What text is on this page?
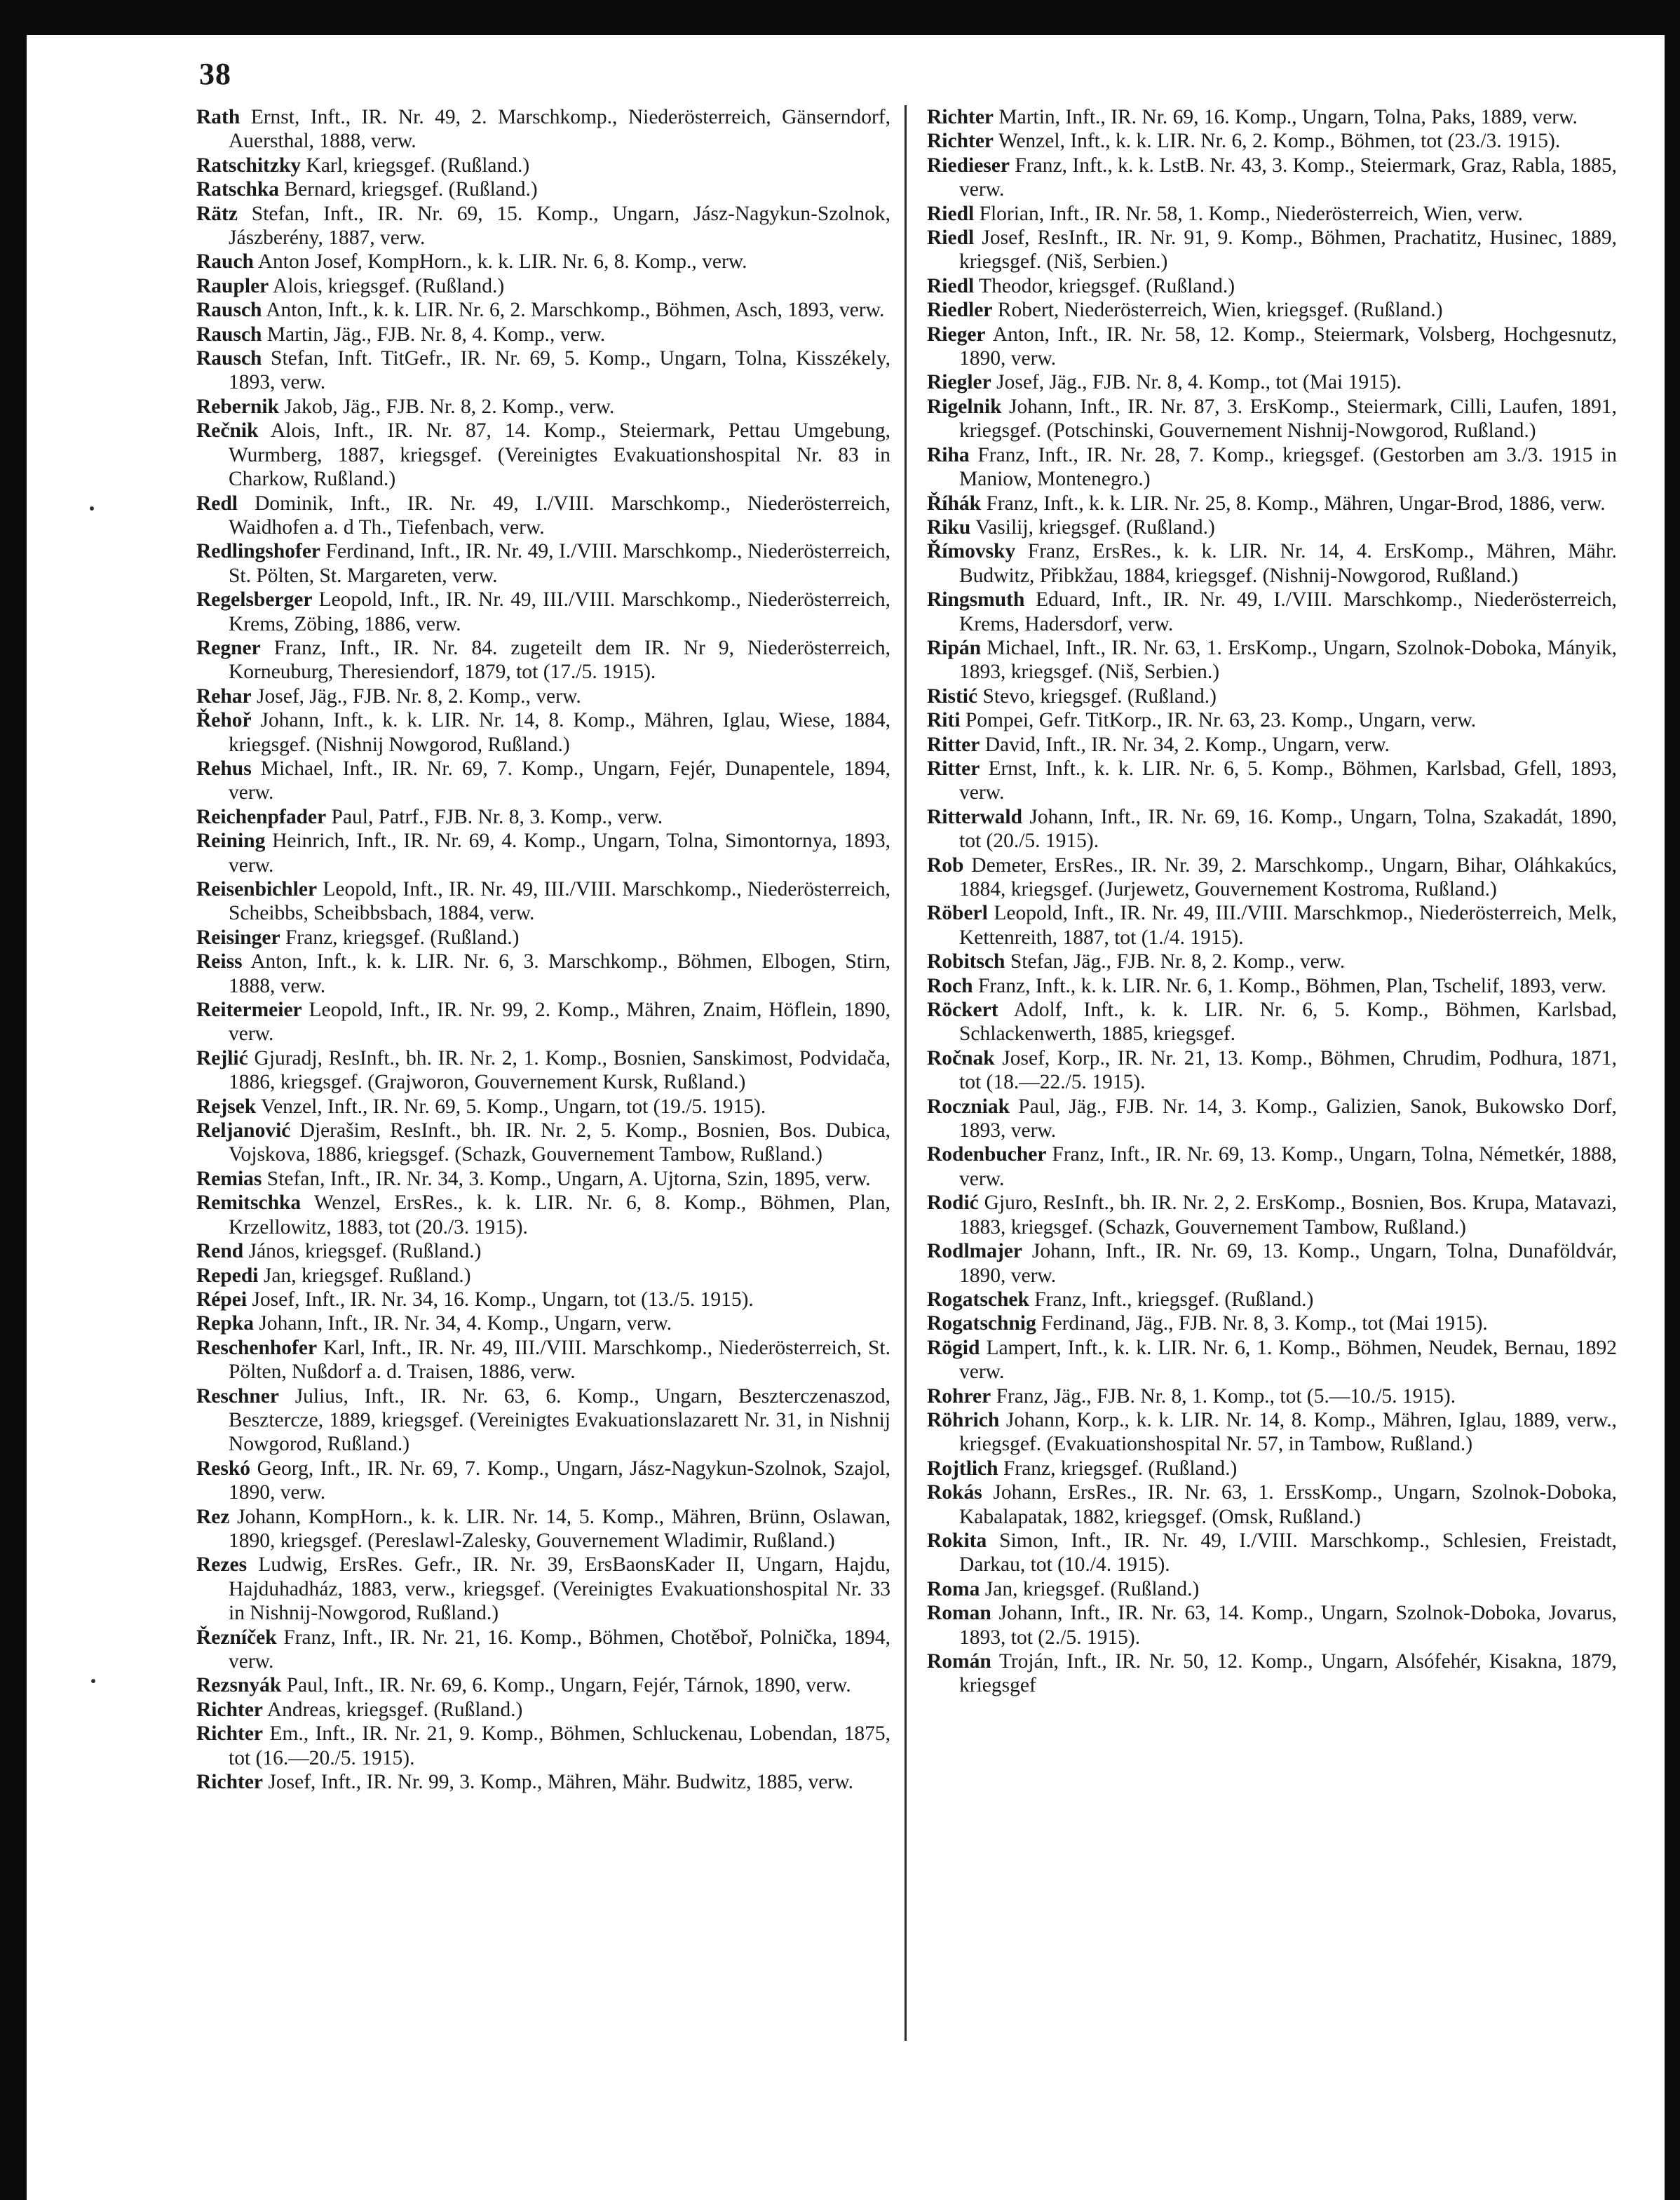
38

Rath Ernst, Inft., IR. Nr. 49, 2. Marschkomp., Niederösterreich, Gänserndorf, Auersthal, 1888, verw.

Ratschitzky Karl, kriegsgef. (Rußland.)

Ratschka Bernard, kriegsgef. (Rußland.)

Rätz Stefan, Inft., IR. Nr. 69, 15. Komp., Ungarn, Jász-Nagykun-Szolnok, Jászberény, 1887, verw.

Rauch Anton Josef, KompHorn., k. k. LIR. Nr. 6, 8. Komp., verw.

Raupler Alois, kriegsgef. (Rußland.)

Rausch Anton, Inft., k. k. LIR. Nr. 6, 2. Marschkomp., Böhmen, Asch, 1893, verw.

Rausch Martin, Jäg., FJB. Nr. 8, 4. Komp., verw.

Rausch Stefan, Inft. TitGefr., IR. Nr. 69, 5. Komp., Ungarn, Tolna, Kisszékely, 1893, verw.

Rebernik Jakob, Jäg., FJB. Nr. 8, 2. Komp., verw.

Rečnik Alois, Inft., IR. Nr. 87, 14. Komp., Steiermark, Pettau Umgebung, Wurmberg, 1887, kriegsgef. (Vereinigtes Evakuationshospital Nr. 83 in Charkow, Rußland.)

Redl Dominik, Inft., IR. Nr. 49, I./VIII. Marschkomp., Niederösterreich, Waidhofen a. d Th., Tiefenbach, verw.

Redlingshofer Ferdinand, Inft., IR. Nr. 49, I./VIII. Marschkomp., Niederösterreich, St. Pölten, St. Margareten, verw.

Regelsberger Leopold, Inft., IR. Nr. 49, III./VIII. Marschkomp., Niederösterreich, Krems, Zöbing, 1886, verw.

Regner Franz, Inft., IR. Nr. 84. zugeteilt dem IR. Nr 9, Niederösterreich, Korneuburg, Theresiendorf, 1879, tot (17./5. 1915).

Rehar Josef, Jäg., FJB. Nr. 8, 2. Komp., verw.

Řehoř Johann, Inft., k. k. LIR. Nr. 14, 8. Komp., Mähren, Iglau, Wiese, 1884, kriegsgef. (Nishnij Nowgorod, Rußland.)

Rehus Michael, Inft., IR. Nr. 69, 7. Komp., Ungarn, Fejér, Dunapentele, 1894, verw.

Reichenpfader Paul, Patrf., FJB. Nr. 8, 3. Komp., verw.

Reining Heinrich, Inft., IR. Nr. 69, 4. Komp., Ungarn, Tolna, Simontornya, 1893, verw.

Reisenbichler Leopold, Inft., IR. Nr. 49, III./VIII. Marschkomp., Niederösterreich, Scheibbs, Scheibbsbach, 1884, verw.

Reisinger Franz, kriegsgef. (Rußland.)

Reiss Anton, Inft., k. k. LIR. Nr. 6, 3. Marschkomp., Böhmen, Elbogen, Stirn, 1888, verw.

Reitermeier Leopold, Inft., IR. Nr. 99, 2. Komp., Mähren, Znaim, Höflein, 1890, verw.

Rejlić Gjuradj, ResInft., bh. IR. Nr. 2, 1. Komp., Bosnien, Sanskimost, Podvidača, 1886, kriegsgef. (Grajworon, Gouvernement Kursk, Rußland.)

Rejsek Venzel, Inft., IR. Nr. 69, 5. Komp., Ungarn, tot (19./5. 1915).

Reljanović Djerašim, ResInft., bh. IR. Nr. 2, 5. Komp., Bosnien, Bos. Dubica, Vojskova, 1886, kriegsgef. (Schazk, Gouvernement Tambow, Rußland.)

Remias Stefan, Inft., IR. Nr. 34, 3. Komp., Ungarn, A. Ujtorna, Szin, 1895, verw.

Remitschka Wenzel, ErsRes., k. k. LIR. Nr. 6, 8. Komp., Böhmen, Plan, Krzellowitz, 1883, tot (20./3. 1915).

Rend János, kriegsgef. (Rußland.)

Repedi Jan, kriegsgef. Rußland.)

Répei Josef, Inft., IR. Nr. 34, 16. Komp., Ungarn, tot (13./5. 1915).

Repka Johann, Inft., IR. Nr. 34, 4. Komp., Ungarn, verw.

Reschenhofer Karl, Inft., IR. Nr. 49, III./VIII. Marschkomp., Niederösterreich, St. Pölten, Nußdorf a. d. Traisen, 1886, verw.

Reschner Julius, Inft., IR. Nr. 63, 6. Komp., Ungarn, Beszterczenaszod, Besztercze, 1889, kriegsgef. (Vereinigtes Evakuationslazarett Nr. 31, in Nishnij Nowgorod, Rußland.)

Reskó Georg, Inft., IR. Nr. 69, 7. Komp., Ungarn, Jász-Nagykun-Szolnok, Szajol, 1890, verw.

Rez Johann, KompHorn., k. k. LIR. Nr. 14, 5. Komp., Mähren, Brünn, Oslawan, 1890, kriegsgef. (Pereslawl-Zalesky, Gouvernement Wladimir, Rußland.)

Rezes Ludwig, ErsRes. Gefr., IR. Nr. 39, ErsBaonsKader II, Ungarn, Hajdu, Hajduhadház, 1883, verw., kriegsgef. (Vereinigtes Evakuationshospital Nr. 33 in Nishnij-Nowgorod, Rußland.)

Řezníček Franz, Inft., IR. Nr. 21, 16. Komp., Böhmen, Chotěboř, Polnička, 1894, verw.

Rezsnyák Paul, Inft., IR. Nr. 69, 6. Komp., Ungarn, Fejér, Tárnok, 1890, verw.

Richter Andreas, kriegsgef. (Rußland.)

Richter Em., Inft., IR. Nr. 21, 9. Komp., Böhmen, Schluckenau, Lobendan, 1875, tot (16.—20./5. 1915).

Richter Josef, Inft., IR. Nr. 99, 3. Komp., Mähren, Mähr. Budwitz, 1885, verw.

Richter Martin, Inft., IR. Nr. 69, 16. Komp., Ungarn, Tolna, Paks, 1889, verw.

Richter Wenzel, Inft., k. k. LIR. Nr. 6, 2. Komp., Böhmen, tot (23./3. 1915).

Riedieser Franz, Inft., k. k. LstB. Nr. 43, 3. Komp., Steiermark, Graz, Rabla, 1885, verw.

Riedl Florian, Inft., IR. Nr. 58, 1. Komp., Niederösterreich, Wien, verw.

Riedl Josef, ResInft., IR. Nr. 91, 9. Komp., Böhmen, Prachatitz, Husinec, 1889, kriegsgef. (Niš, Serbien.)

Riedl Theodor, kriegsgef. (Rußland.)

Riedler Robert, Niederösterreich, Wien, kriegsgef. (Rußland.)

Rieger Anton, Inft., IR. Nr. 58, 12. Komp., Steiermark, Volsberg, Hochgesnutz, 1890, verw.

Riegler Josef, Jäg., FJB. Nr. 8, 4. Komp., tot (Mai 1915).

Rigelnik Johann, Inft., IR. Nr. 87, 3. ErsKomp., Steiermark, Cilli, Laufen, 1891, kriegsgef. (Potschinski, Gouvernement Nishnij-Nowgorod, Rußland.)

Riha Franz, Inft., IR. Nr. 28, 7. Komp., kriegsgef. (Gestorben am 3./3. 1915 in Maniow, Montenegro.)

Říhák Franz, Inft., k. k. LIR. Nr. 25, 8. Komp., Mähren, Ungar-Brod, 1886, verw.

Riku Vasilij, kriegsgef. (Rußland.)

Římovsky Franz, ErsRes., k. k. LIR. Nr. 14, 4. ErsKomp., Mähren, Mähr. Budwitz, Přibkžau, 1884, kriegsgef. (Nishnij-Nowgorod, Rußland.)

Ringsmuth Eduard, Inft., IR. Nr. 49, I./VIII. Marschkomp., Niederösterreich, Krems, Hadersdorf, verw.

Ripán Michael, Inft., IR. Nr. 63, 1. ErsKomp., Ungarn, Szolnok-Doboka, Mányik, 1893, kriegsgef. (Niš, Serbien.)

Ristić Stevo, kriegsgef. (Rußland.)

Riti Pompei, Gefr. TitKorp., IR. Nr. 63, 23. Komp., Ungarn, verw.

Ritter David, Inft., IR. Nr. 34, 2. Komp., Ungarn, verw.

Ritter Ernst, Inft., k. k. LIR. Nr. 6, 5. Komp., Böhmen, Karlsbad, Gfell, 1893, verw.

Ritterwald Johann, Inft., IR. Nr. 69, 16. Komp., Ungarn, Tolna, Szakadát, 1890, tot (20./5. 1915).

Rob Demeter, ErsRes., IR. Nr. 39, 2. Marschkomp., Ungarn, Bihar, Oláhkakúcs, 1884, kriegsgef. (Jurjewetz, Gouvernement Kostroma, Rußland.)

Röberl Leopold, Inft., IR. Nr. 49, III./VIII. Marschkmop., Niederösterreich, Melk, Kettenreith, 1887, tot (1./4. 1915).

Robitsch Stefan, Jäg., FJB. Nr. 8, 2. Komp., verw.

Roch Franz, Inft., k. k. LIR. Nr. 6, 1. Komp., Böhmen, Plan, Tschelif, 1893, verw.

Röckert Adolf, Inft., k. k. LIR. Nr. 6, 5. Komp., Böhmen, Karlsbad, Schlackenwerth, 1885, kriegsgef.

Ročnak Josef, Korp., IR. Nr. 21, 13. Komp., Böhmen, Chrudim, Podhura, 1871, tot (18.—22./5. 1915).

Roczniak Paul, Jäg., FJB. Nr. 14, 3. Komp., Galizien, Sanok, Bukowsko Dorf, 1893, verw.

Rodenbucher Franz, Inft., IR. Nr. 69, 13. Komp., Ungarn, Tolna, Németkér, 1888, verw.

Rodić Gjuro, ResInft., bh. IR. Nr. 2, 2. ErsKomp., Bosnien, Bos. Krupa, Matavazi, 1883, kriegsgef. (Schazk, Gouvernement Tambow, Rußland.)

Rodlmajer Johann, Inft., IR. Nr. 69, 13. Komp., Ungarn, Tolna, Dunaföldvár, 1890, verw.

Rogatschek Franz, Inft., kriegsgef. (Rußland.)

Rogatschnig Ferdinand, Jäg., FJB. Nr. 8, 3. Komp., tot (Mai 1915).

Rögid Lampert, Inft., k. k. LIR. Nr. 6, 1. Komp., Böhmen, Neudek, Bernau, 1892 verw.

Rohrer Franz, Jäg., FJB. Nr. 8, 1. Komp., tot (5.—10./5. 1915).

Röhrich Johann, Korp., k. k. LIR. Nr. 14, 8. Komp., Mähren, Iglau, 1889, verw., kriegsgef. (Evakuationshospital Nr. 57, in Tambow, Rußland.)

Rojtlich Franz, kriegsgef. (Rußland.)

Rokás Johann, ErsRes., IR. Nr. 63, 1. ErssKomp., Ungarn, Szolnok-Doboka, Kabalapatak, 1882, kriegsgef. (Omsk, Rußland.)

Rokita Simon, Inft., IR. Nr. 49, I./VIII. Marschkomp., Schlesien, Freistadt, Darkau, tot (10./4. 1915).

Roma Jan, kriegsgef. (Rußland.)

Roman Johann, Inft., IR. Nr. 63, 14. Komp., Ungarn, Szolnok-Doboka, Jovarus, 1893, tot (2./5. 1915).

Román Troján, Inft., IR. Nr. 50, 12. Komp., Ungarn, Alsófehér, Kisakna, 1879, kriegsgef
